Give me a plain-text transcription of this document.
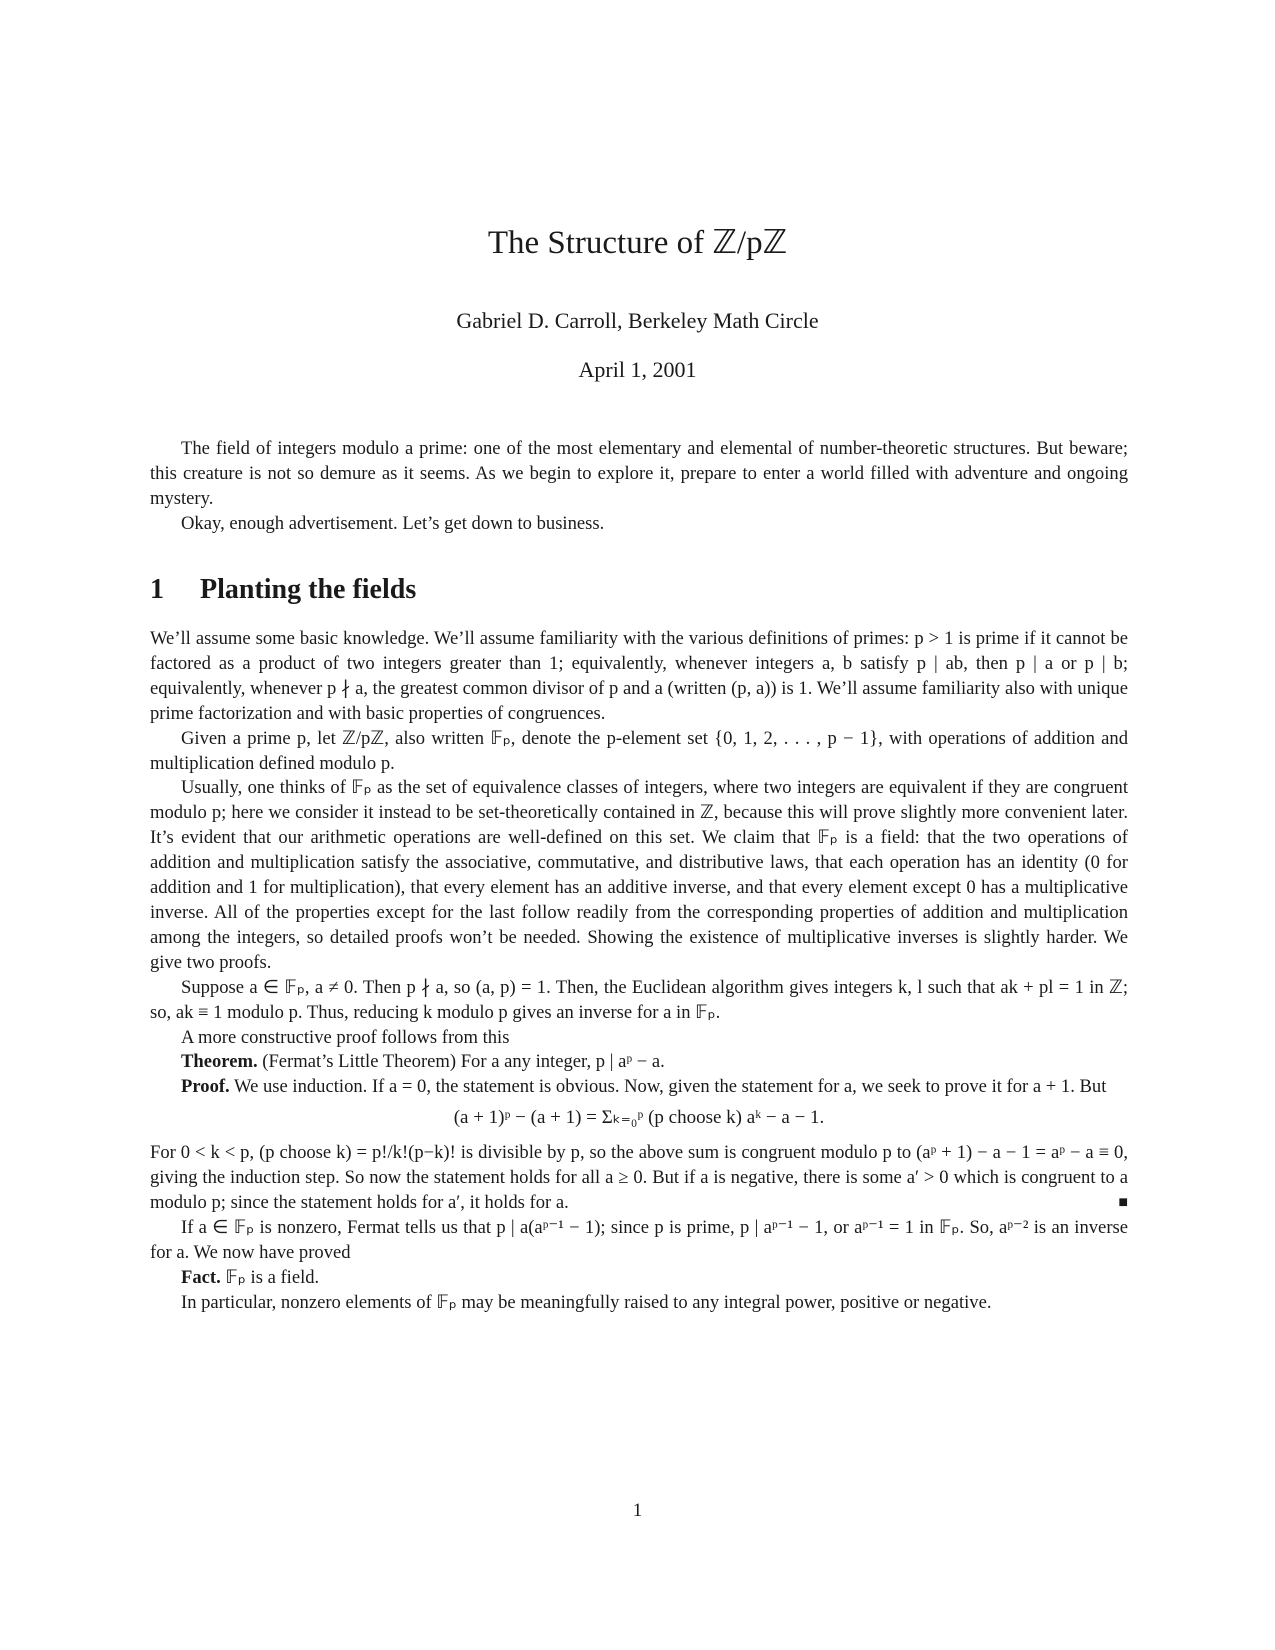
The Structure of ℤ/pℤ
Gabriel D. Carroll, Berkeley Math Circle
April 1, 2001

The field of integers modulo a prime: one of the most elementary and elemental of number-theoretic structures. But beware; this creature is not so demure as it seems. As we begin to explore it, prepare to enter a world filled with adventure and ongoing mystery.

Okay, enough advertisement. Let’s get down to business.

1 Planting the fields

We’ll assume some basic knowledge. We’ll assume familiarity with the various definitions of primes: p > 1 is prime if it cannot be factored as a product of two integers greater than 1; equivalently, whenever integers a, b satisfy p | ab, then p | a or p | b; equivalently, whenever p ∤ a, the greatest common divisor of p and a (written (p, a)) is 1. We’ll assume familiarity also with unique prime factorization and with basic properties of congruences.

Given a prime p, let ℤ/pℤ, also written 𝔽ₚ, denote the p-element set {0, 1, 2, . . . , p − 1}, with operations of addition and multiplication defined modulo p.

Usually, one thinks of 𝔽ₚ as the set of equivalence classes of integers, where two integers are equivalent if they are congruent modulo p; here we consider it instead to be set-theoretically contained in ℤ, because this will prove slightly more convenient later. It’s evident that our arithmetic operations are well-defined on this set. We claim that 𝔽ₚ is a field: that the two operations of addition and multiplication satisfy the associative, commutative, and distributive laws, that each operation has an identity (0 for addition and 1 for multiplication), that every element has an additive inverse, and that every element except 0 has a multiplicative inverse. All of the properties except for the last follow readily from the corresponding properties of addition and multiplication among the integers, so detailed proofs won’t be needed. Showing the existence of multiplicative inverses is slightly harder. We give two proofs.

Suppose a ∈ 𝔽ₚ, a ≠ 0. Then p ∤ a, so (a, p) = 1. Then, the Euclidean algorithm gives integers k, l such that ak + pl = 1 in ℤ; so, ak ≡ 1 modulo p. Thus, reducing k modulo p gives an inverse for a in 𝔽ₚ.

A more constructive proof follows from this

Theorem. (Fermat’s Little Theorem) For a any integer, p | aᵖ − a.

Proof. We use induction. If a = 0, the statement is obvious. Now, given the statement for a, we seek to prove it for a + 1. But

(a + 1)ᵖ − (a + 1) = Σₖ₌₀ᵖ (p choose k) aᵏ − a − 1.

For 0 < k < p, (p choose k) = p!/k!(p−k)! is divisible by p, so the above sum is congruent modulo p to (aᵖ + 1) − a − 1 = aᵖ − a ≡ 0, giving the induction step. So now the statement holds for all a ≥ 0. But if a is negative, there is some a′ > 0 which is congruent to a modulo p; since the statement holds for a′, it holds for a.	■

If a ∈ 𝔽ₚ is nonzero, Fermat tells us that p | a(aᵖ⁻¹ − 1); since p is prime, p | aᵖ⁻¹ − 1, or aᵖ⁻¹ = 1 in 𝔽ₚ. So, aᵖ⁻² is an inverse for a. We now have proved

Fact. 𝔽ₚ is a field.

In particular, nonzero elements of 𝔽ₚ may be meaningfully raised to any integral power, positive or negative.

1
